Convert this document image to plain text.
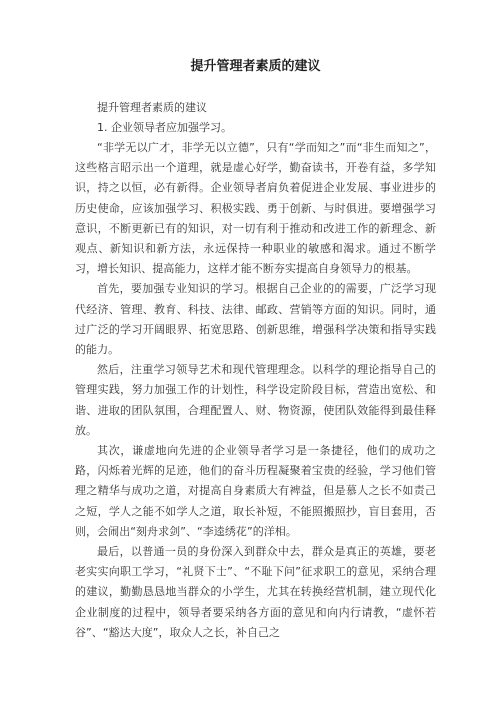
提升管理者素质的建议
提升管理者素质的建议
1. 企业领导者应加强学习。

“非学无以广才，非学无以立德”，只有“学而知之”而“非生而知之”，这些格言昭示出一个道理，就是虚心好学，勤奋读书，开卷有益，多学知识，持之以恒，必有新得。企业领导者肩负着促进企业发展、事业进步的历史使命，应该加强学习、积极实践、勇于创新、与时俱进。要增强学习意识，不断更新已有的知识，对一切有利于推动和改进工作的新理念、新观点、新知识和新方法，永远保持一种职业的敏感和渴求。通过不断学习，增长知识、提高能力，这样才能不断夯实提高自身领导力的根基。

首先，要加强专业知识的学习。根据自己企业的的需要，广泛学习现代经济、管理、教育、科技、法律、邮政、营销等方面的知识。同时，通过广泛的学习开阔眼界、拓宽思路、创新思维，增强科学决策和指导实践的能力。

然后，注重学习领导艺术和现代管理理念。以科学的理论指导自己的管理实践，努力加强工作的计划性，科学设定阶段目标，营造出宽松、和谐、进取的团队氛围，合理配置人、财、物资源，使团队效能得到最佳释放。

其次，谦虚地向先进的企业领导者学习是一条捷径，他们的成功之路，闪烁着光辉的足迹，他们的奋斗历程凝聚着宝贵的经验，学习他们管理之精华与成功之道，对提高自身素质大有裨益，但是慕人之长不如责己之短，学人之能不如学人之道，取长补短，不能照搬照抄，盲目套用，否则，会闹出“刻舟求剑”、“李逵绣花”的洋相。

最后，以普通一员的身份深入到群众中去，群众是真正的英雄，要老老实实向职工学习，“礼贤下士”、“不耻下问”征求职工的意见，采纳合理的建议，勤勤恳恳地当群众的小学生，尤其在转换经营机制，建立现代化企业制度的过程中，领导者要采纳各方面的意见和向内行请教，“虚怀若谷”、“豁达大度”，取众人之长，补自己之
